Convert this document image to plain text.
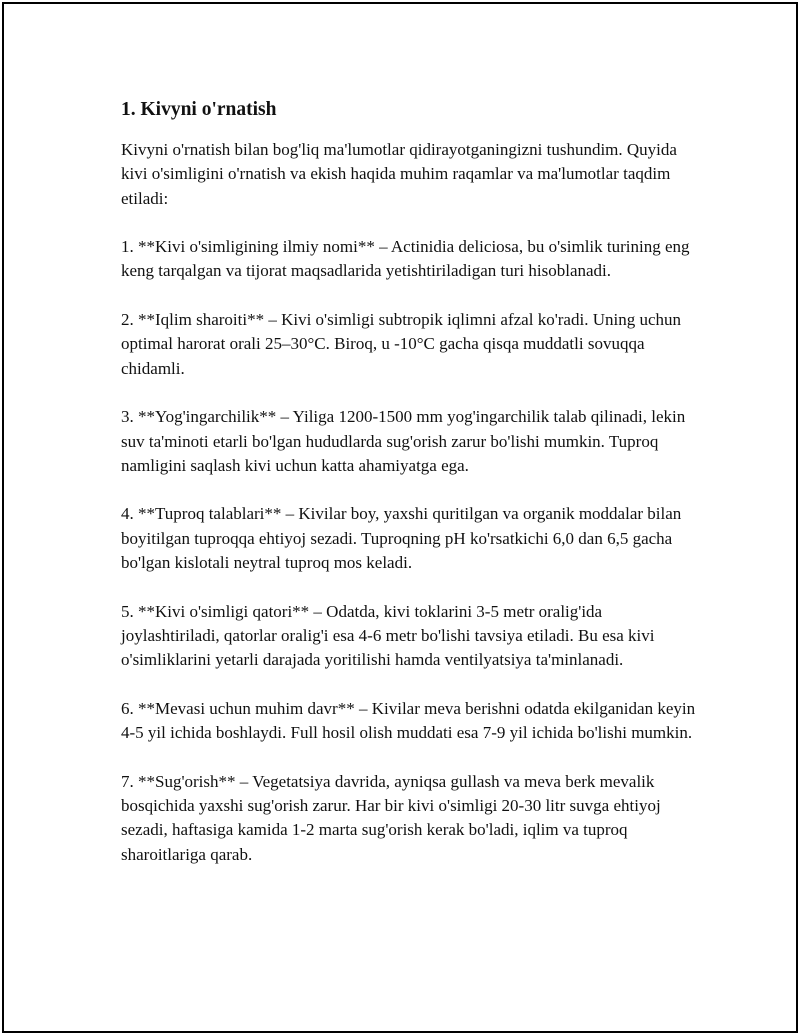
1. Kivyni o'rnatish

Kivyni o'rnatish bilan bog'liq ma'lumotlar qidirayotganingizni tushundim. Quyida kivi o'simligini o'rnatish va ekish haqida muhim raqamlar va ma'lumotlar taqdim etiladi:

1. **Kivi o'simligining ilmiy nomi** – Actinidia deliciosa, bu o'simlik turining eng keng tarqalgan va tijorat maqsadlarida yetishtiriladigan turi hisoblanadi.

2. **Iqlim sharoiti** – Kivi o'simligi subtropik iqlimni afzal ko'radi. Uning uchun optimal harorat orali 25–30°C. Biroq, u -10°C gacha qisqa muddatli sovuqqa chidamli.

3. **Yog'ingarchilik** – Yiliga 1200-1500 mm yog'ingarchilik talab qilinadi, lekin suv ta'minoti etarli bo'lgan hududlarda sug'orish zarur bo'lishi mumkin. Tuproq namligini saqlash kivi uchun katta ahamiyatga ega.

4. **Tuproq talablari** – Kivilar boy, yaxshi quritilgan va organik moddalar bilan boyitilgan tuproqqa ehtiyoj sezadi. Tuproqning pH ko'rsatkichi 6,0 dan 6,5 gacha bo'lgan kislotali neytral tuproq mos keladi.

5. **Kivi o'simligi qatori** – Odatda, kivi toklarini 3-5 metr oralig'ida joylashtiriladi, qatorlar oralig'i esa 4-6 metr bo'lishi tavsiya etiladi. Bu esa kivi o'simliklarini yetarli darajada yoritilishi hamda ventilyatsiya ta'minlanadi.

6. **Mevasi uchun muhim davr** – Kivilar meva berishni odatda ekilganidan keyin 4-5 yil ichida boshlaydi. Full hosil olish muddati esa 7-9 yil ichida bo'lishi mumkin.

7. **Sug'orish** – Vegetatsiya davrida, ayniqsa gullash va meva berk mevalik bosqichida yaxshi sug'orish zarur. Har bir kivi o'simligi 20-30 litr suvga ehtiyoj sezadi, haftasiga kamida 1-2 marta sug'orish kerak bo'ladi, iqlim va tuproq sharoitlariga qarab.
